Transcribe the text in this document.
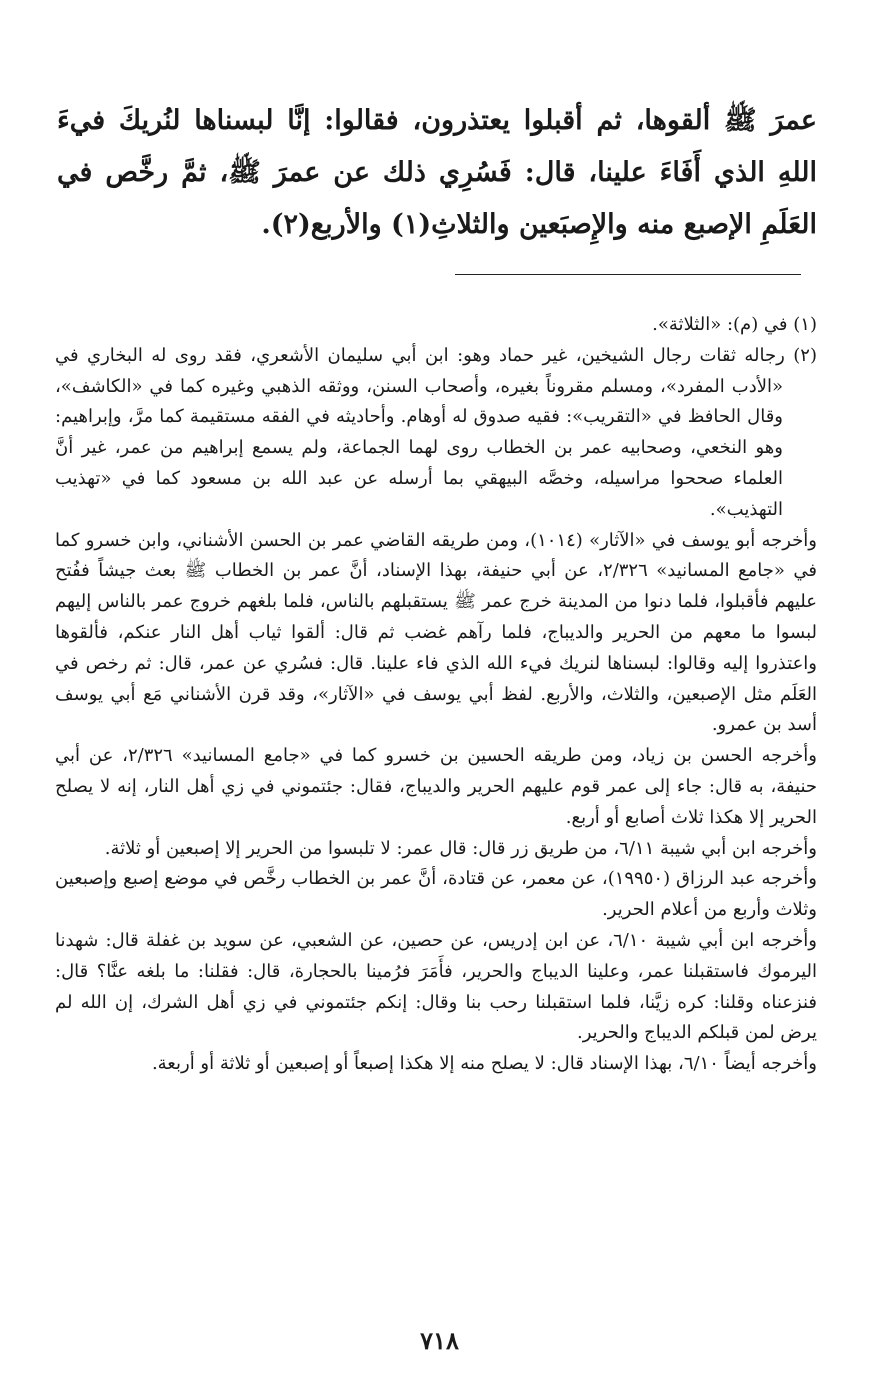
عمرَ ﷺ ألقوها، ثم أقبلوا يعتذرون، فقالوا: إنَّا لبسناها لنُريكَ فيءَ اللهِ الذي أَفَاءَ علينا، قال: فَسُرِي ذلك عن عمرَ ﷺ، ثمَّ رخَّص في العَلَمِ الإصبع منه والإِصبَعين والثلاثِ(١) والأربع(٢).

(١) في (م): «الثلاثة».

(٢) رجاله ثقات رجال الشيخين، غير حماد وهو: ابن أبي سليمان الأشعري، فقد روى له البخاري في «الأدب المفرد»، ومسلم مقروناً بغيره، وأصحاب السنن، ووثقه الذهبي وغيره كما في «الكاشف»، وقال الحافظ في «التقريب»: فقيه صدوق له أوهام. وأحاديثه في الفقه مستقيمة كما مرَّ، وإبراهيم: وهو النخعي، وصحابيه عمر بن الخطاب روى لهما الجماعة، ولم يسمع إبراهيم من عمر، غير أنَّ العلماء صححوا مراسيله، وخصَّه البيهقي بما أرسله عن عبد الله بن مسعود كما في «تهذيب التهذيب».

وأخرجه أبو يوسف في «الآثار» (١٠١٤)، ومن طريقه القاضي عمر بن الحسن الأشناني، وابن خسرو كما في «جامع المسانيد» ٢/٣٢٦، عن أبي حنيفة، بهذا الإسناد، أنَّ عمر بن الخطاب ﷺ بعث جيشاً ففُتح عليهم فأقبلوا، فلما دنوا من المدينة خرج عمر ﷺ يستقبلهم بالناس، فلما بلغهم خروج عمر بالناس إليهم لبسوا ما معهم من الحرير والديباج، فلما رآهم غضب ثم قال: ألقوا ثياب أهل النار عنكم، فألقوها واعتذروا إليه وقالوا: لبسناها لنريك فيء الله الذي فاء علينا. قال: فسُري عن عمر، قال: ثم رخص في العَلَم مثل الإصبعين، والثلاث، والأربع. لفظ أبي يوسف في «الآثار»، وقد قرن الأشناني مَع أبي يوسف أسد بن عمرو.

وأخرجه الحسن بن زياد، ومن طريقه الحسين بن خسرو كما في «جامع المسانيد» ٢/٣٢٦، عن أبي حنيفة، به قال: جاء إلى عمر قوم عليهم الحرير والديباج، فقال: جئتموني في زي أهل النار، إنه لا يصلح الحرير إلا هكذا ثلاث أصابع أو أربع.

وأخرجه ابن أبي شيبة ٦/١١، من طريق زر قال: قال عمر: لا تلبسوا من الحرير إلا إصبعين أو ثلاثة.

وأخرجه عبد الرزاق (١٩٩٥٠)، عن معمر، عن قتادة، أنَّ عمر بن الخطاب رخَّص في موضع إصبع وإصبعين وثلاث وأربع من أعلام الحرير.

وأخرجه ابن أبي شيبة ٦/١٠، عن ابن إدريس، عن حصين، عن الشعبي، عن سويد بن غفلة قال: شهدنا اليرموك فاستقبلنا عمر، وعلينا الديباج والحرير، فأَمَرَ فرُمينا بالحجارة، قال: فقلنا: ما بلغه عنَّا؟ قال: فنزعناه وقلنا: كره زيَّنا، فلما استقبلنا رحب بنا وقال: إنكم جئتموني في زي أهل الشرك، إن الله لم يرض لمن قبلكم الديباج والحرير.

وأخرجه أيضاً ٦/١٠، بهذا الإسناد قال: لا يصلح منه إلا هكذا إصبعاً أو إصبعين أو ثلاثة أو أربعة.

٧١٨
